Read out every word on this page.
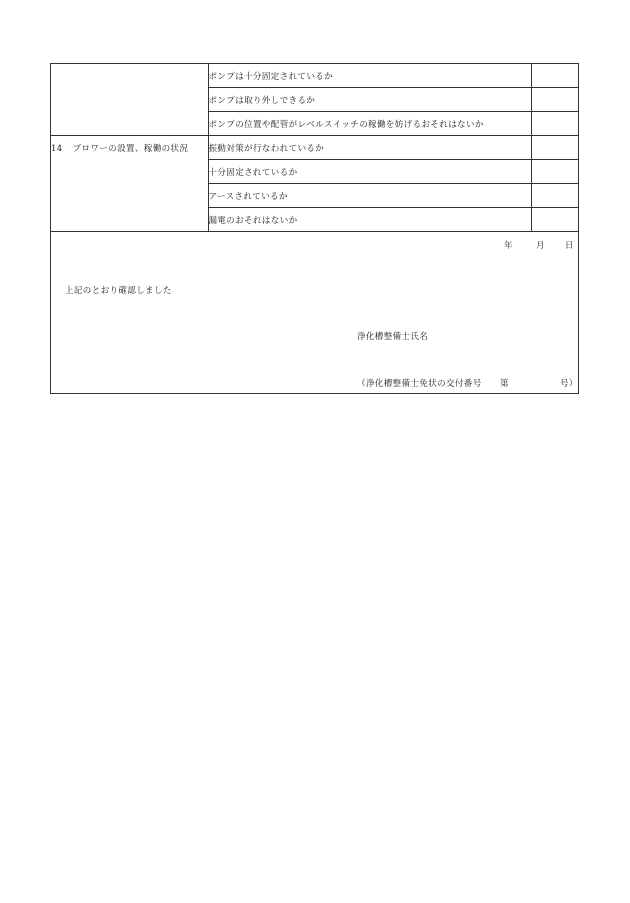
	ポンプは十分固定されているか	
	ポンプは取り外しできるか	
	ポンプの位置や配管がレベルスイッチの稼働を妨げるおそれはないか	
14 ブロワーの設置、稼働の状況	振動対策が行なわれているか	
	十分固定されているか	
	アースされているか	
	漏電のおそれはないか	
年	月 日
上記のとおり確認しました
浄化槽整備士氏名
（浄化槽整備士免状の交付番号 第	号）
